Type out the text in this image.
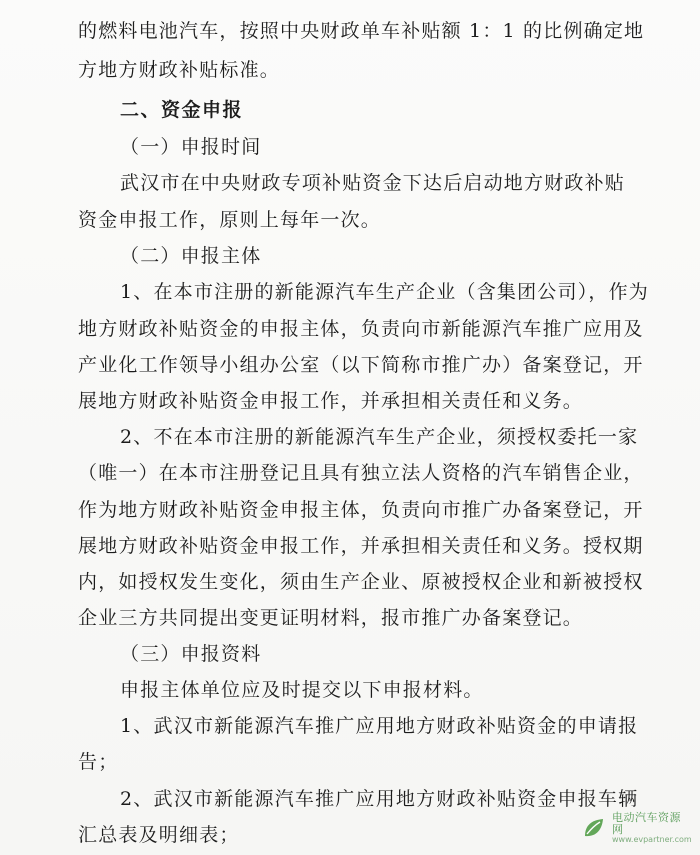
的燃料电池汽车，按照中央财政单车补贴额 1：1 的比例确定地
方地方财政补贴标准。
二、资金申报
（一）申报时间
武汉市在中央财政专项补贴资金下达后启动地方财政补贴
资金申报工作，原则上每年一次。
（二）申报主体
1、在本市注册的新能源汽车生产企业（含集团公司），作为
地方财政补贴资金的申报主体，负责向市新能源汽车推广应用及
产业化工作领导小组办公室（以下简称市推广办）备案登记，开
展地方财政补贴资金申报工作，并承担相关责任和义务。
2、不在本市注册的新能源汽车生产企业，须授权委托一家
（唯一）在本市注册登记且具有独立法人资格的汽车销售企业，
作为地方财政补贴资金申报主体，负责向市推广办备案登记，开
展地方财政补贴资金申报工作，并承担相关责任和义务。授权期
内，如授权发生变化，须由生产企业、原被授权企业和新被授权
企业三方共同提出变更证明材料，报市推广办备案登记。
（三）申报资料
申报主体单位应及时提交以下申报材料。
1、武汉市新能源汽车推广应用地方财政补贴资金的申请报
告；
2、武汉市新能源汽车推广应用地方财政补贴资金申报车辆
汇总表及明细表；
电动汽车资源网
www.evpartner.com
